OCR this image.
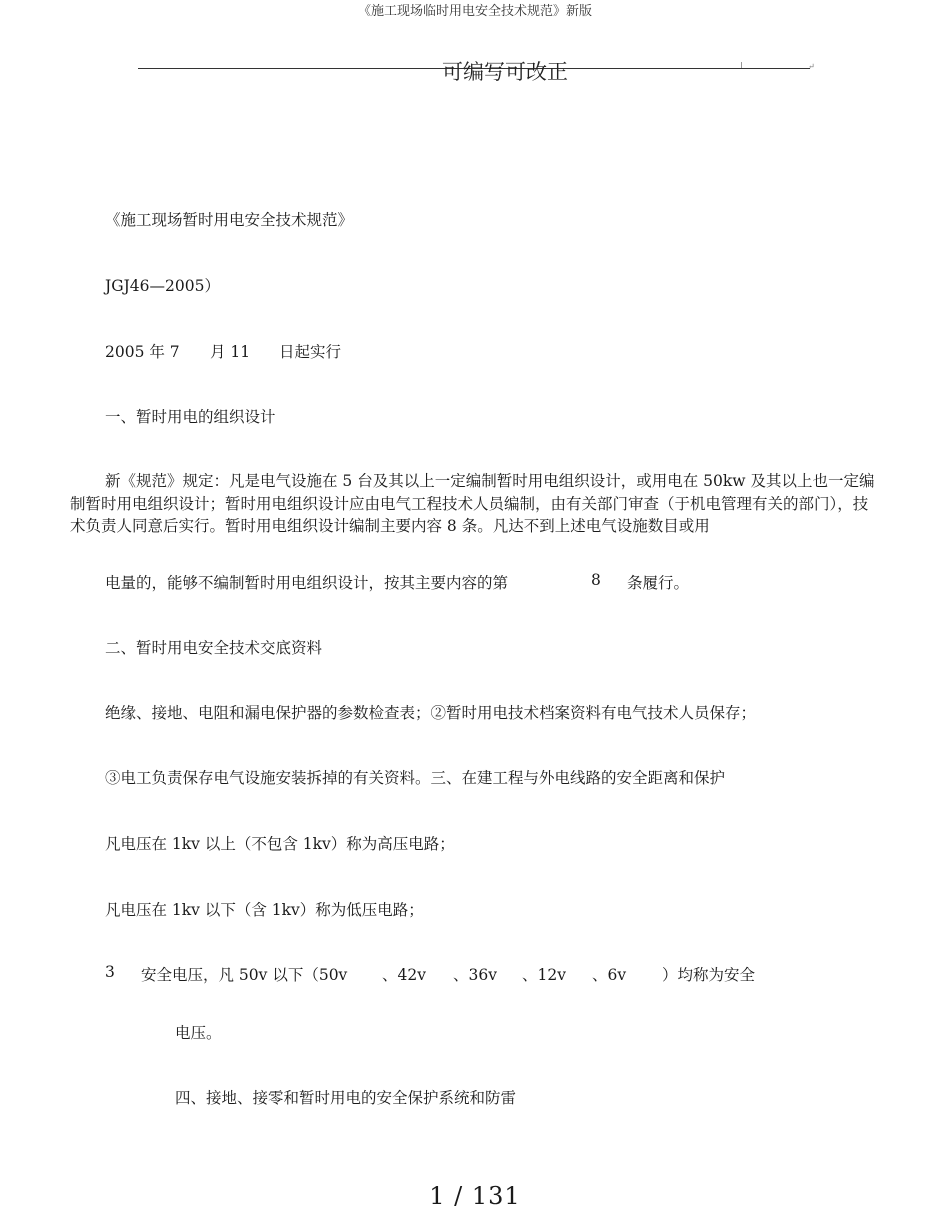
《施工现场临时用电安全技术规范》新版
↵
可编写可改正
《施工现场暂时用电安全技术规范》
JGJ46—2005）
2005 年 7 月 11 日起实行
一、暂时用电的组织设计
新《规范》规定：凡是电气设施在 5 台及其以上一定编制暂时用电组织设计，或用电在 50kw 及其以上也一定编制暂时用电组织设计；暂时用电组织设计应由电气工程技术人员编制，由有关部门审查（于机电管理有关的部门），技术负责人同意后实行。暂时用电组织设计编制主要内容 8 条。凡达不到上述电气设施数目或用
电量的，能够不编制暂时用电组织设计，按其主要内容的第	8 条履行。
二、暂时用电安全技术交底资料
绝缘、接地、电阻和漏电保护器的参数检查表；②暂时用电技术档案资料有电气技术人员保存；
③电工负责保存电气设施安装拆掉的有关资料。三、在建工程与外电线路的安全距离和保护
凡电压在 1kv 以上（不包含 1kv）称为高压电路；
凡电压在 1kv 以下（含 1kv）称为低压电路；
3 安全电压，凡 50v 以下（50v 、42v 、36v 、12v 、6v ）均称为安全
电压。
四、接地、接零和暂时用电的安全保护系统和防雷
1 / 131
